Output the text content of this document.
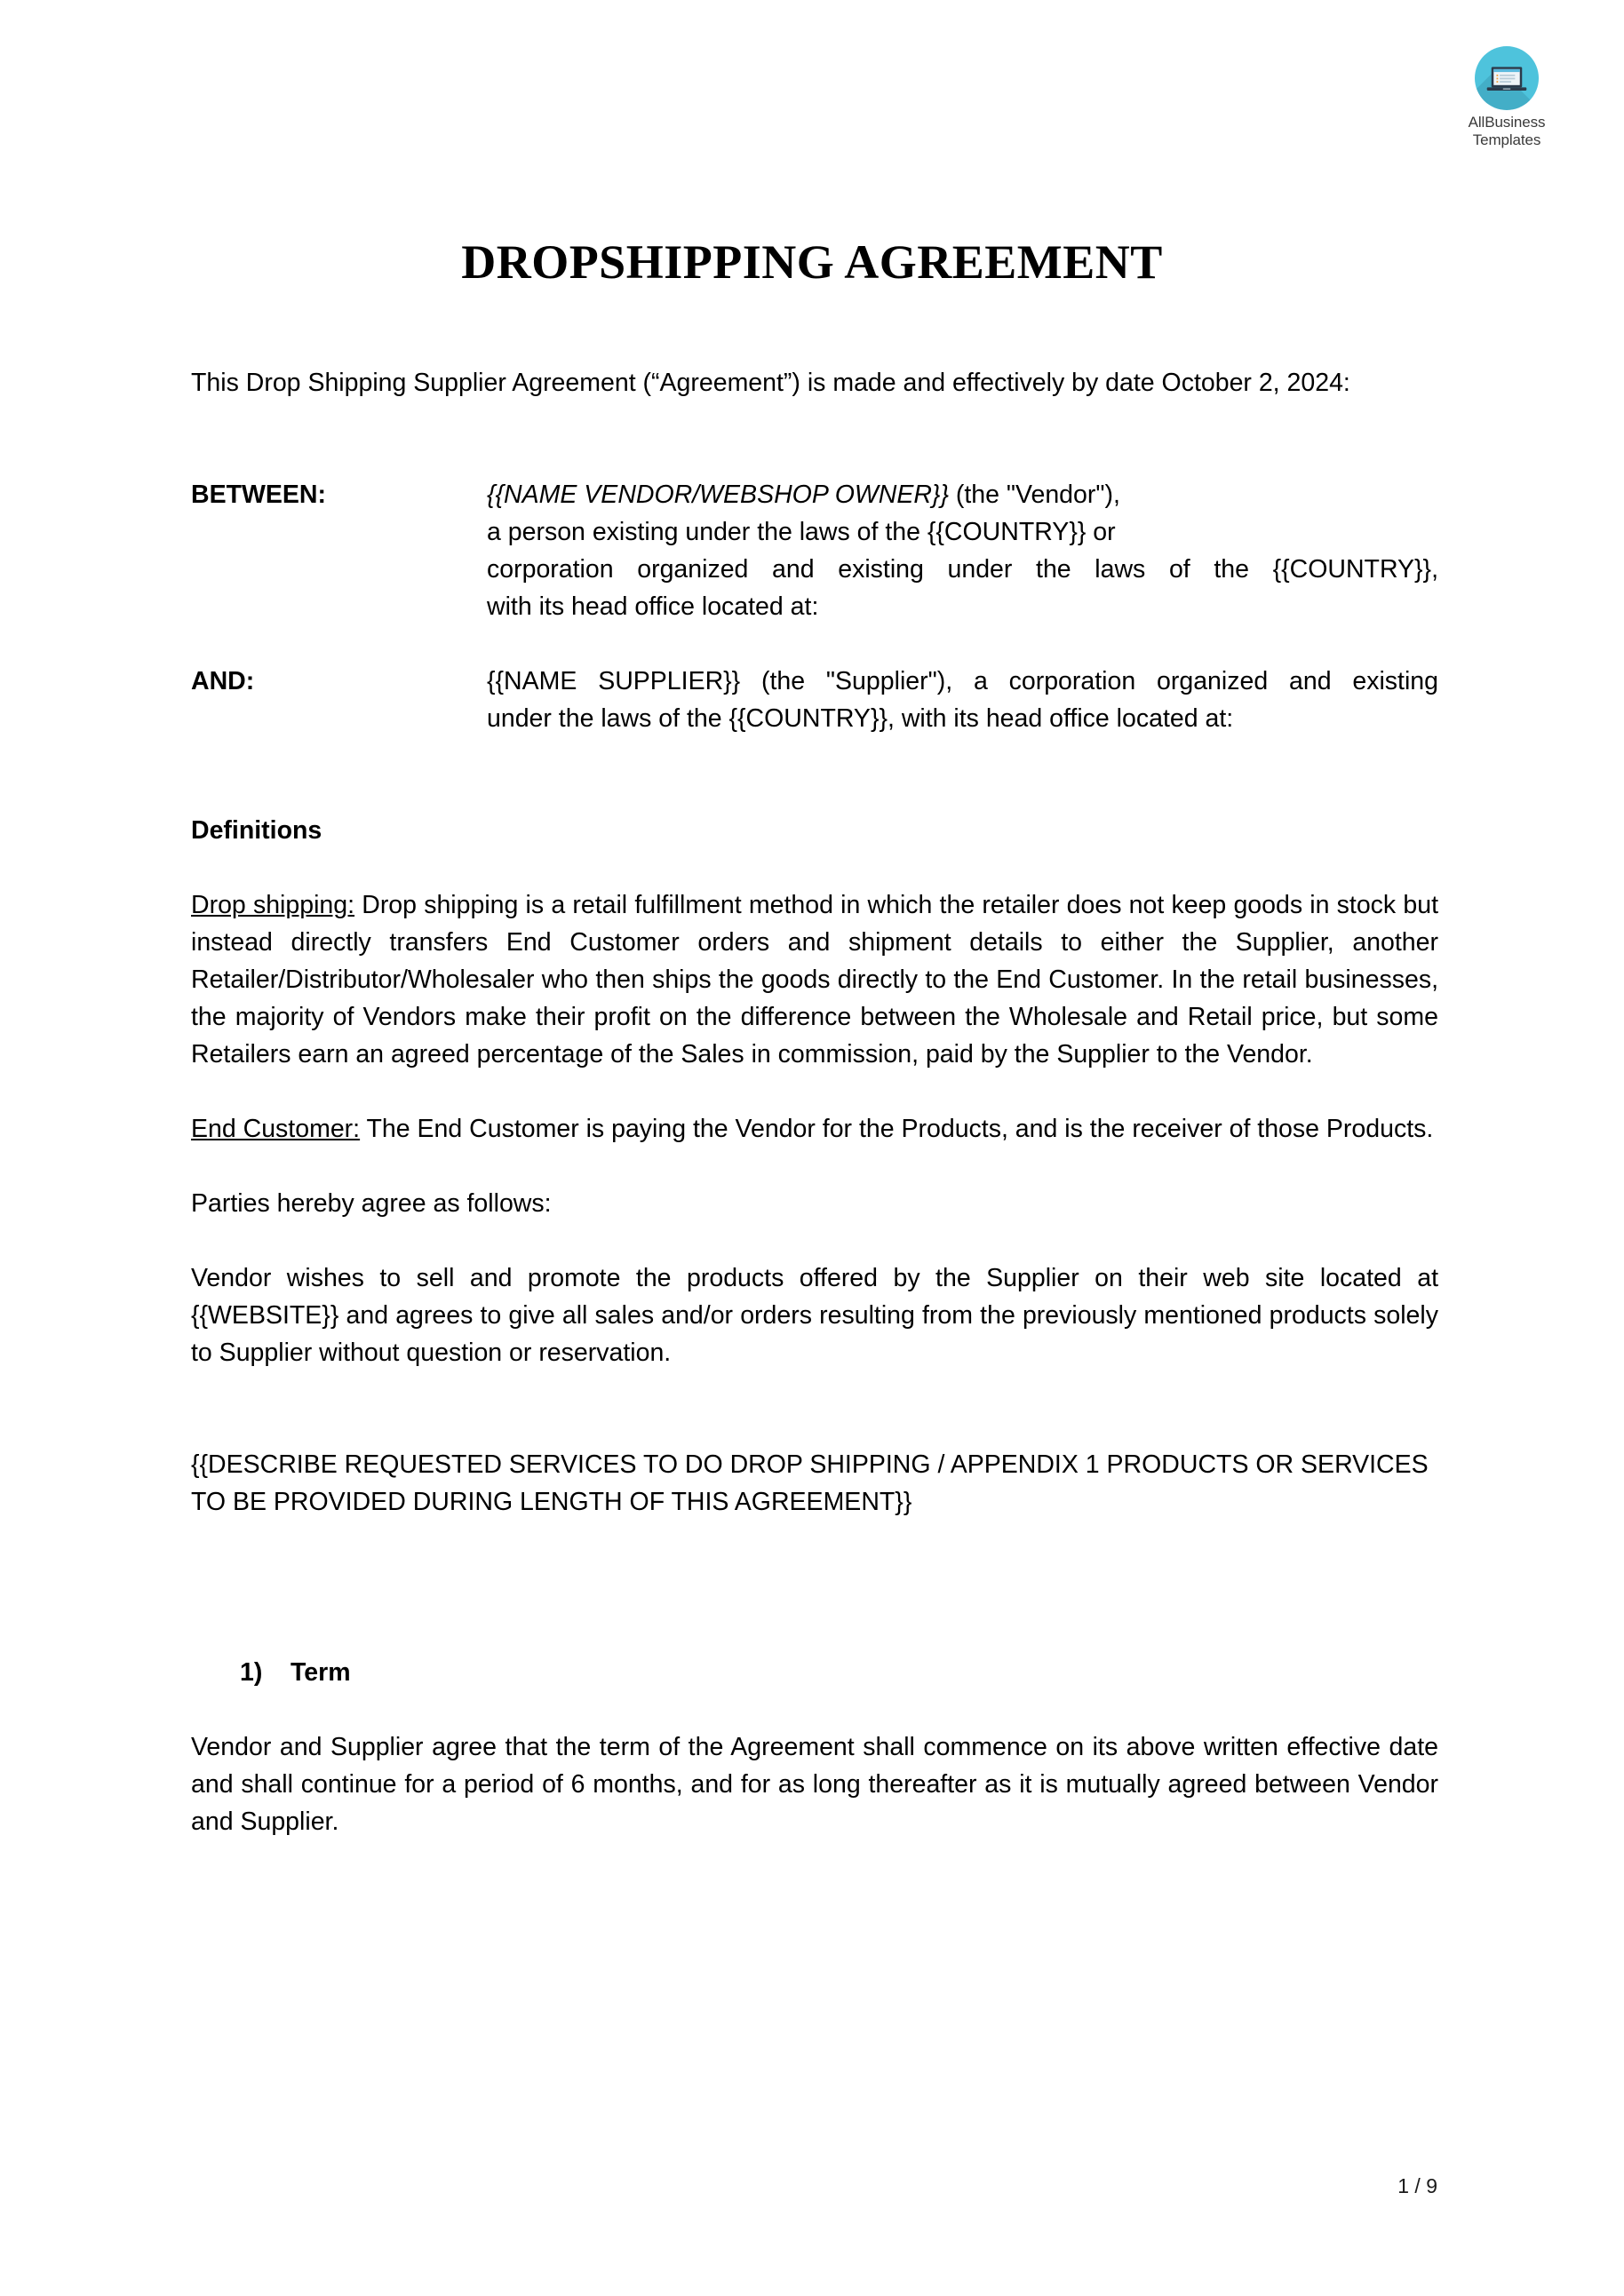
AllBusiness
Templates
DROPSHIPPING AGREEMENT

This Drop Shipping Supplier Agreement (“Agreement”) is made and effectively by date October 2, 2024:

BETWEEN:	{{NAME VENDOR/WEBSHOP OWNER}} (the "Vendor"),
a person existing under the laws of the {{COUNTRY}} or
corporation organized and existing under the laws of the {{COUNTRY}},
with its head office located at:
AND:	{{NAME SUPPLIER}} (the "Supplier"), a corporation organized and existing
under the laws of the {{COUNTRY}}, with its head office located at:
Definitions

Drop shipping: Drop shipping is a retail fulfillment method in which the retailer does not keep goods in stock but instead directly transfers End Customer orders and shipment details to either the Supplier, another Retailer/Distributor/Wholesaler who then ships the goods directly to the End Customer. In the retail businesses, the majority of Vendors make their profit on the difference between the Wholesale and Retail price, but some Retailers earn an agreed percentage of the Sales in commission, paid by the Supplier to the Vendor.

End Customer: The End Customer is paying the Vendor for the Products, and is the receiver of those Products.

Parties hereby agree as follows:

Vendor wishes to sell and promote the products offered by the Supplier on their web site located at {{WEBSITE}} and agrees to give all sales and/or orders resulting from the previously mentioned products solely to Supplier without question or reservation.

{{DESCRIBE REQUESTED SERVICES TO DO DROP SHIPPING / APPENDIX 1 PRODUCTS OR SERVICES TO BE PROVIDED DURING LENGTH OF THIS AGREEMENT}}

1)	Term

Vendor and Supplier agree that the term of the Agreement shall commence on its above written effective date and shall continue for a period of 6 months, and for as long thereafter as it is mutually agreed between Vendor and Supplier.

1 / 9
